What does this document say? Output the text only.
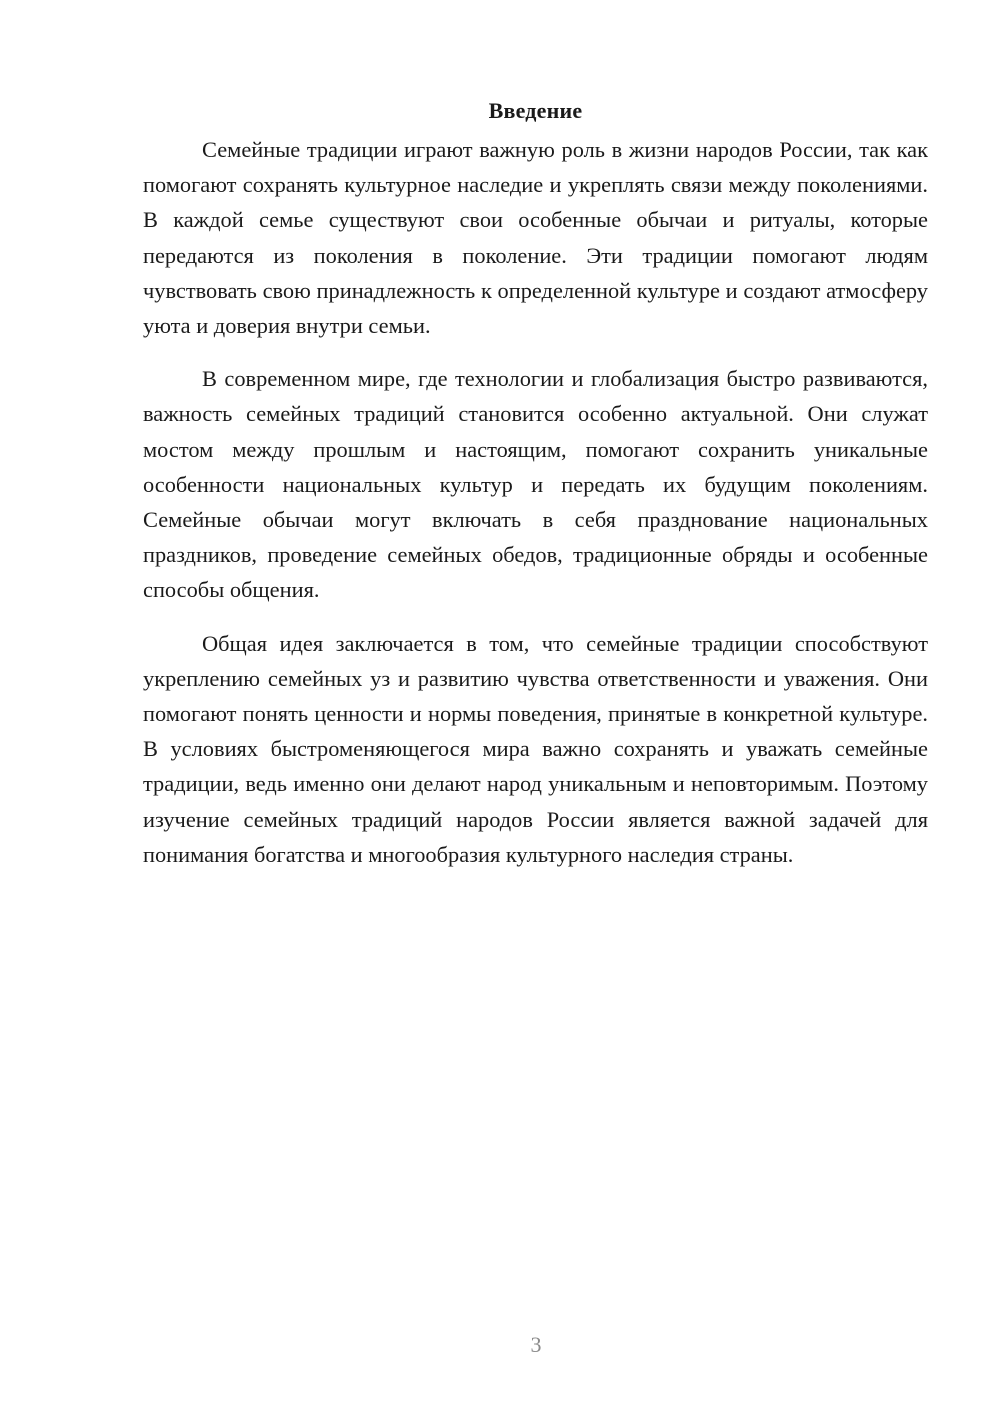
Введение

Семейные традиции играют важную роль в жизни народов России, так как помогают сохранять культурное наследие и укреплять связи между поколениями. В каждой семье существуют свои особенные обычаи и ритуалы, которые передаются из поколения в поколение. Эти традиции помогают людям чувствовать свою принадлежность к определенной культуре и создают атмосферу уюта и доверия внутри семьи.

В современном мире, где технологии и глобализация быстро развиваются, важность семейных традиций становится особенно актуальной. Они служат мостом между прошлым и настоящим, помогают сохранить уникальные особенности национальных культур и передать их будущим поколениям. Семейные обычаи могут включать в себя празднование национальных праздников, проведение семейных обедов, традиционные обряды и особенные способы общения.

Общая идея заключается в том, что семейные традиции способствуют укреплению семейных уз и развитию чувства ответственности и уважения. Они помогают понять ценности и нормы поведения, принятые в конкретной культуре. В условиях быстроменяющегося мира важно сохранять и уважать семейные традиции, ведь именно они делают народ уникальным и неповторимым. Поэтому изучение семейных традиций народов России является важной задачей для понимания богатства и многообразия культурного наследия страны.

3
